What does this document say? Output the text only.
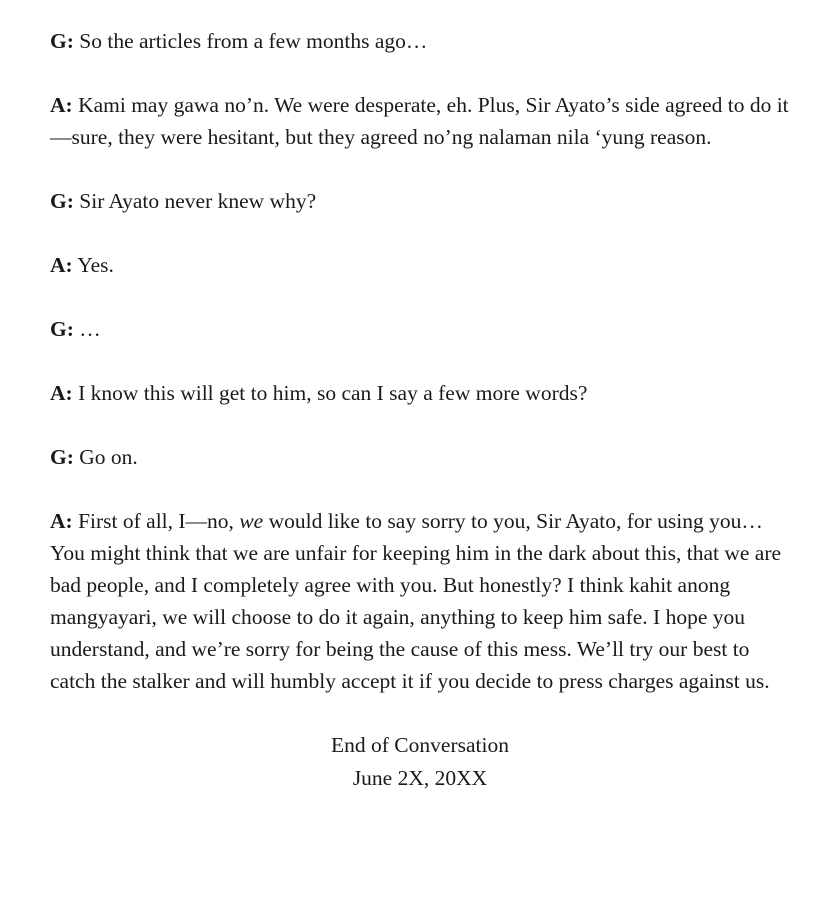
G: So the articles from a few months ago…

A: Kami may gawa no’n. We were desperate, eh. Plus, Sir Ayato’s side agreed to do it—sure, they were hesitant, but they agreed no’ng nalaman nila ‘yung reason.

G: Sir Ayato never knew why?

A: Yes.

G: …

A: I know this will get to him, so can I say a few more words?

G: Go on.

A: First of all, I—no, we would like to say sorry to you, Sir Ayato, for using you… You might think that we are unfair for keeping him in the dark about this, that we are bad people, and I completely agree with you. But honestly? I think kahit anong mangyayari, we will choose to do it again, anything to keep him safe. I hope you understand, and we’re sorry for being the cause of this mess. We’ll try our best to catch the stalker and will humbly accept it if you decide to press charges against us.

End of Conversation
June 2X, 20XX
